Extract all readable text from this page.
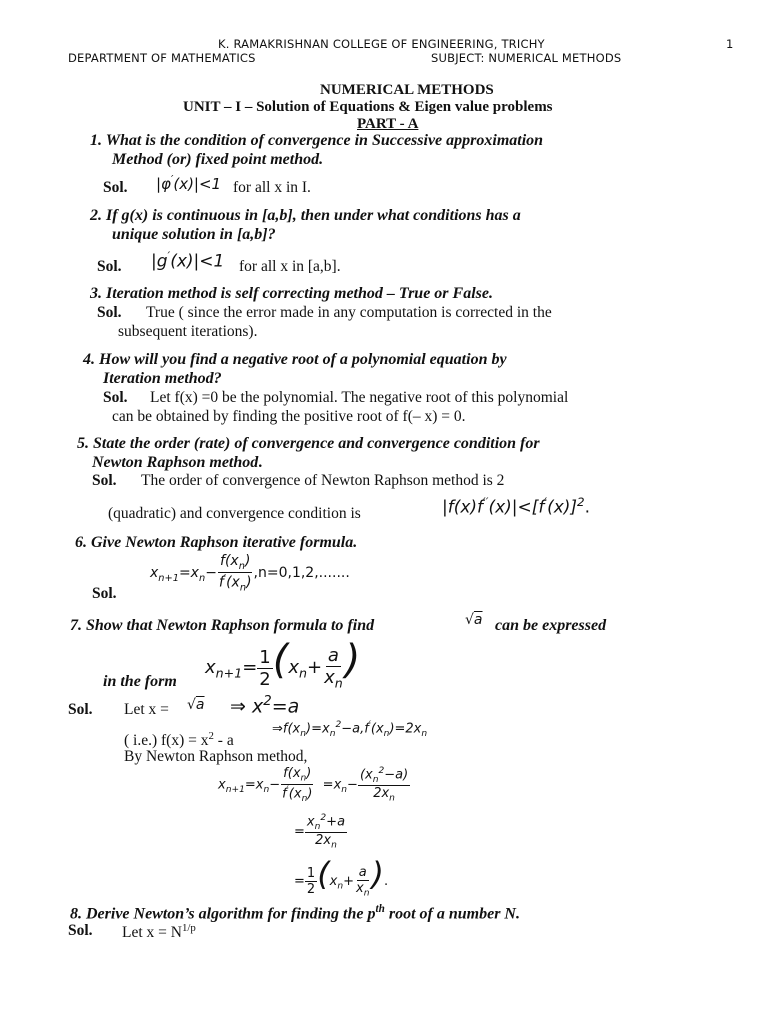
K. RAMAKRISHNAN COLLEGE OF ENGINEERING, TRICHY	1
DEPARTMENT OF MATHEMATICS	SUBJECT: NUMERICAL METHODS
NUMERICAL METHODS
UNIT – I – Solution of Equations & Eigen value problems
PART - A
1. What is the condition of convergence in Successive approximation
Method (or) fixed point method.
Sol. |φ′(x)|<1 for all x in I.
2. If g(x) is continuous in [a,b], then under what conditions has a
unique solution in [a,b]?
Sol. |g′(x)|<1 for all x in [a,b].
3. Iteration method is self correcting method – True or False.
Sol. True ( since the error made in any computation is corrected in the
subsequent iterations).
4. How will you find a negative root of a polynomial equation by
Iteration method?
Sol. Let f(x) =0 be the polynomial. The negative root of this polynomial
can be obtained by finding the positive root of f(– x) = 0.
5. State the order (rate) of convergence and convergence condition for
Newton Raphson method.
Sol. The order of convergence of Newton Raphson method is 2
(quadratic) and convergence condition is	$|f(x)f''(x)|<[f'(x)]^2$.
6. Give Newton Raphson iterative formula.
$x_{n+1}=x_n- \frac{f(x_n)}{f'(x_n)} ,n=0,1,2$,.......
Sol.
7. Show that Newton Raphson formula to find	√a can be expressed
$x_{n+1}= \frac{1}{2} (x_n+ \frac{a}{x_n}$ )
in the form
Sol. Let x = √a ⇒ $x^2=a$
$\Rightarrow f(x_n)=x_n^2-a,f'(x_n)=2x_n$
( i.e.) $f(x) = x^2 - a$
By Newton Raphson method,
$x_{n+1}=x_n- \frac{f(x_n)}{f'(x_n)} =x_n- \frac{(x_n^2-a)}{2x_n}$
= $\frac{x_n^2+a}{2x_n}$
= $\frac{1}{2} (x_n+ \frac{a}{x_n}$ ).
8. Derive Newton’s algorithm for finding the $p^{th}$ root of a number N.
Sol. Let $x = N^{1/p}$
